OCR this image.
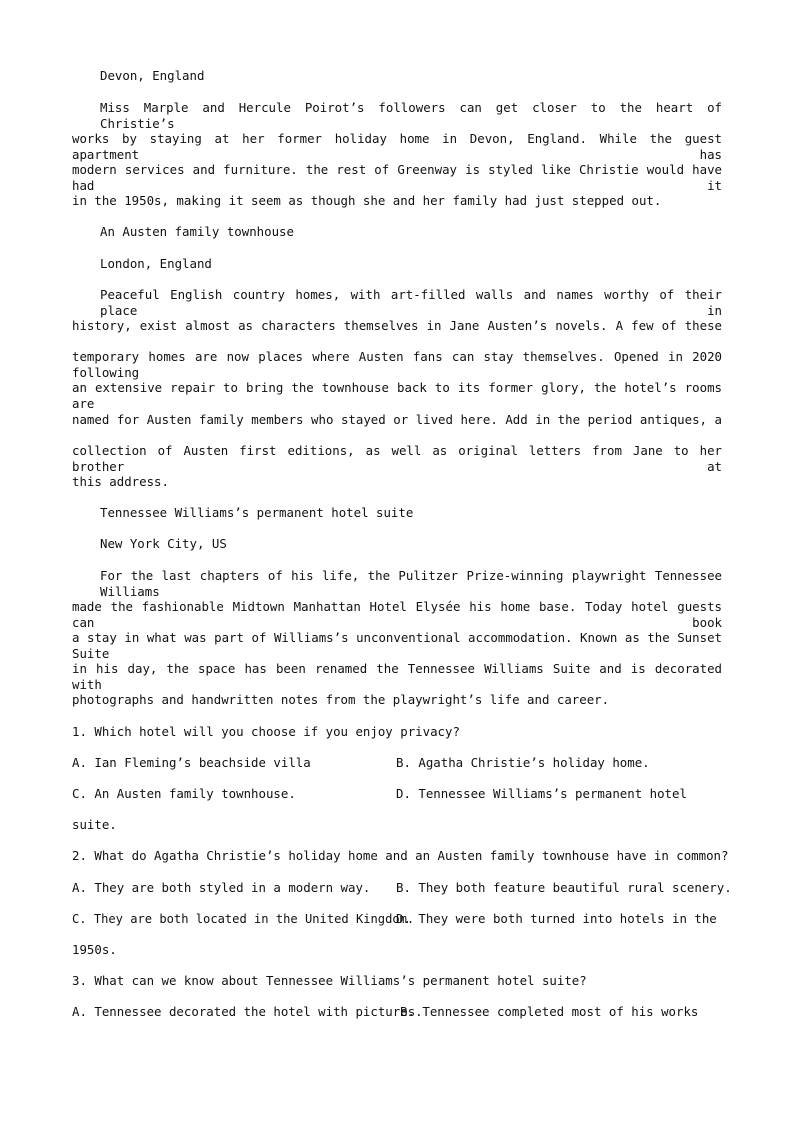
Devon, England
Miss Marple and Hercule Poirot’s followers can get closer to the heart of Christie’s
works by staying at her former holiday home in Devon, England. While the guest apartment has
modern services and furniture. the rest of Greenway is styled like Christie would have had it
in the 1950s, making it seem as though she and her family had just stepped out.
An Austen family townhouse
London, England
Peaceful English country homes, with art-filled walls and names worthy of their place in
history, exist almost as characters themselves in Jane Austen’s novels. A few of these
temporary homes are now places where Austen fans can stay themselves. Opened in 2020 following
an extensive repair to bring the townhouse back to its former glory, the hotel’s rooms are
named for Austen family members who stayed or lived here. Add in the period antiques, a
collection of Austen first editions, as well as original letters from Jane to her brother at
this address.
Tennessee Williams’s permanent hotel suite
New York City, US
For the last chapters of his life, the Pulitzer Prize-winning playwright Tennessee Williams
made the fashionable Midtown Manhattan Hotel Elysée his home base. Today hotel guests can book
a stay in what was part of Williams’s unconventional accommodation. Known as the Sunset Suite
in his day, the space has been renamed the Tennessee Williams Suite and is decorated with
photographs and handwritten notes from the playwright’s life and career.
1. Which hotel will you choose if you enjoy privacy?
A. Ian Fleming’s beachside villa	B. Agatha Christie’s holiday home.
C. An Austen family townhouse.	D. Tennessee Williams’s permanent hotel
suite.
2. What do Agatha Christie’s holiday home and an Austen family townhouse have in common?
A. They are both styled in a modern way. B. They both feature beautiful rural scenery.
C. They are both located in the United Kingdom.
D. They were both turned into hotels in the
1950s.
3. What can we know about Tennessee Williams’s permanent hotel suite?
A. Tennessee decorated the hotel with pictures.
B. Tennessee completed most of his works
